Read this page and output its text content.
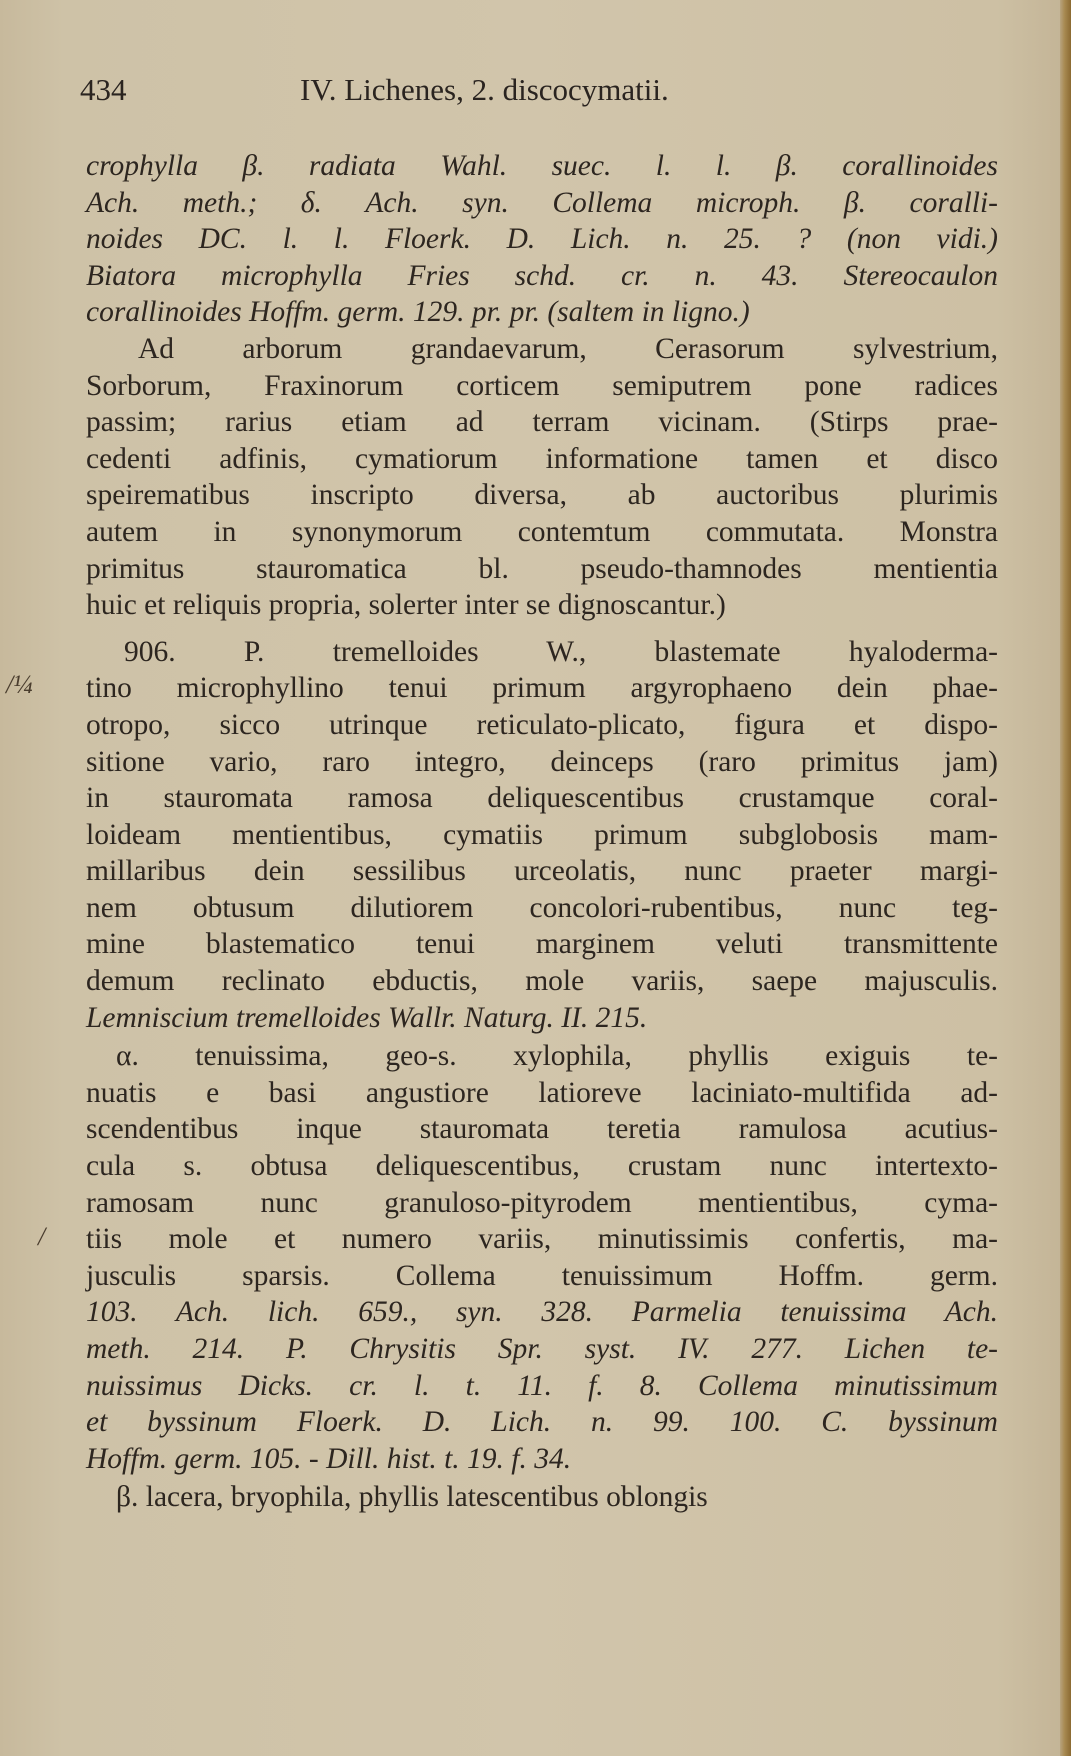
434	IV. Lichenes, 2. discocymatii.
/¼
/
crophylla β. radiata Wahl. suec. l. l. β. corallinoides
Ach. meth.; δ. Ach. syn. Collema microph. β. coralli-
noides DC. l. l. Floerk. D. Lich. n. 25. ? (non vidi.)
Biatora microphylla Fries schd. cr. n. 43. Stereocaulon
corallinoides Hoffm. germ. 129. pr. pr. (saltem in ligno.)
Ad arborum grandaevarum, Cerasorum sylvestrium,
Sorborum, Fraxinorum corticem semiputrem pone radices
passim; rarius etiam ad terram vicinam. (Stirps prae-
cedenti adfinis, cymatiorum informatione tamen et disco
speirematibus inscripto diversa, ab auctoribus plurimis
autem in synonymorum contemtum commutata. Monstra
primitus stauromatica bl. pseudo-thamnodes mentientia
huic et reliquis propria, solerter inter se dignoscantur.)
906. P. tremelloides W., blastemate hyaloderma-
tino microphyllino tenui primum argyrophaeno dein phae-
otropo, sicco utrinque reticulato-plicato, figura et dispo-
sitione vario, raro integro, deinceps (raro primitus jam)
in stauromata ramosa deliquescentibus crustamque coral-
loideam mentientibus, cymatiis primum subglobosis mam-
millaribus dein sessilibus urceolatis, nunc praeter margi-
nem obtusum dilutiorem concolori-rubentibus, nunc teg-
mine blastematico tenui marginem veluti transmittente
demum reclinato ebductis, mole variis, saepe majusculis.
Lemniscium tremelloides Wallr. Naturg. II. 215.
α. tenuissima, geo-s. xylophila, phyllis exiguis te-
nuatis e basi angustiore latioreve laciniato-multifida ad-
scendentibus inque stauromata teretia ramulosa acutius-
cula s. obtusa deliquescentibus, crustam nunc intertexto-
ramosam nunc granuloso-pityrodem mentientibus, cyma-
tiis mole et numero variis, minutissimis confertis, ma-
jusculis sparsis. Collema tenuissimum Hoffm. germ.
103. Ach. lich. 659., syn. 328. Parmelia tenuissima Ach.
meth. 214. P. Chrysitis Spr. syst. IV. 277. Lichen te-
nuissimus Dicks. cr. l. t. 11. f. 8. Collema minutissimum
et byssinum Floerk. D. Lich. n. 99. 100. C. byssinum
Hoffm. germ. 105. - Dill. hist. t. 19. f. 34.
β. lacera, bryophila, phyllis latescentibus oblongis
